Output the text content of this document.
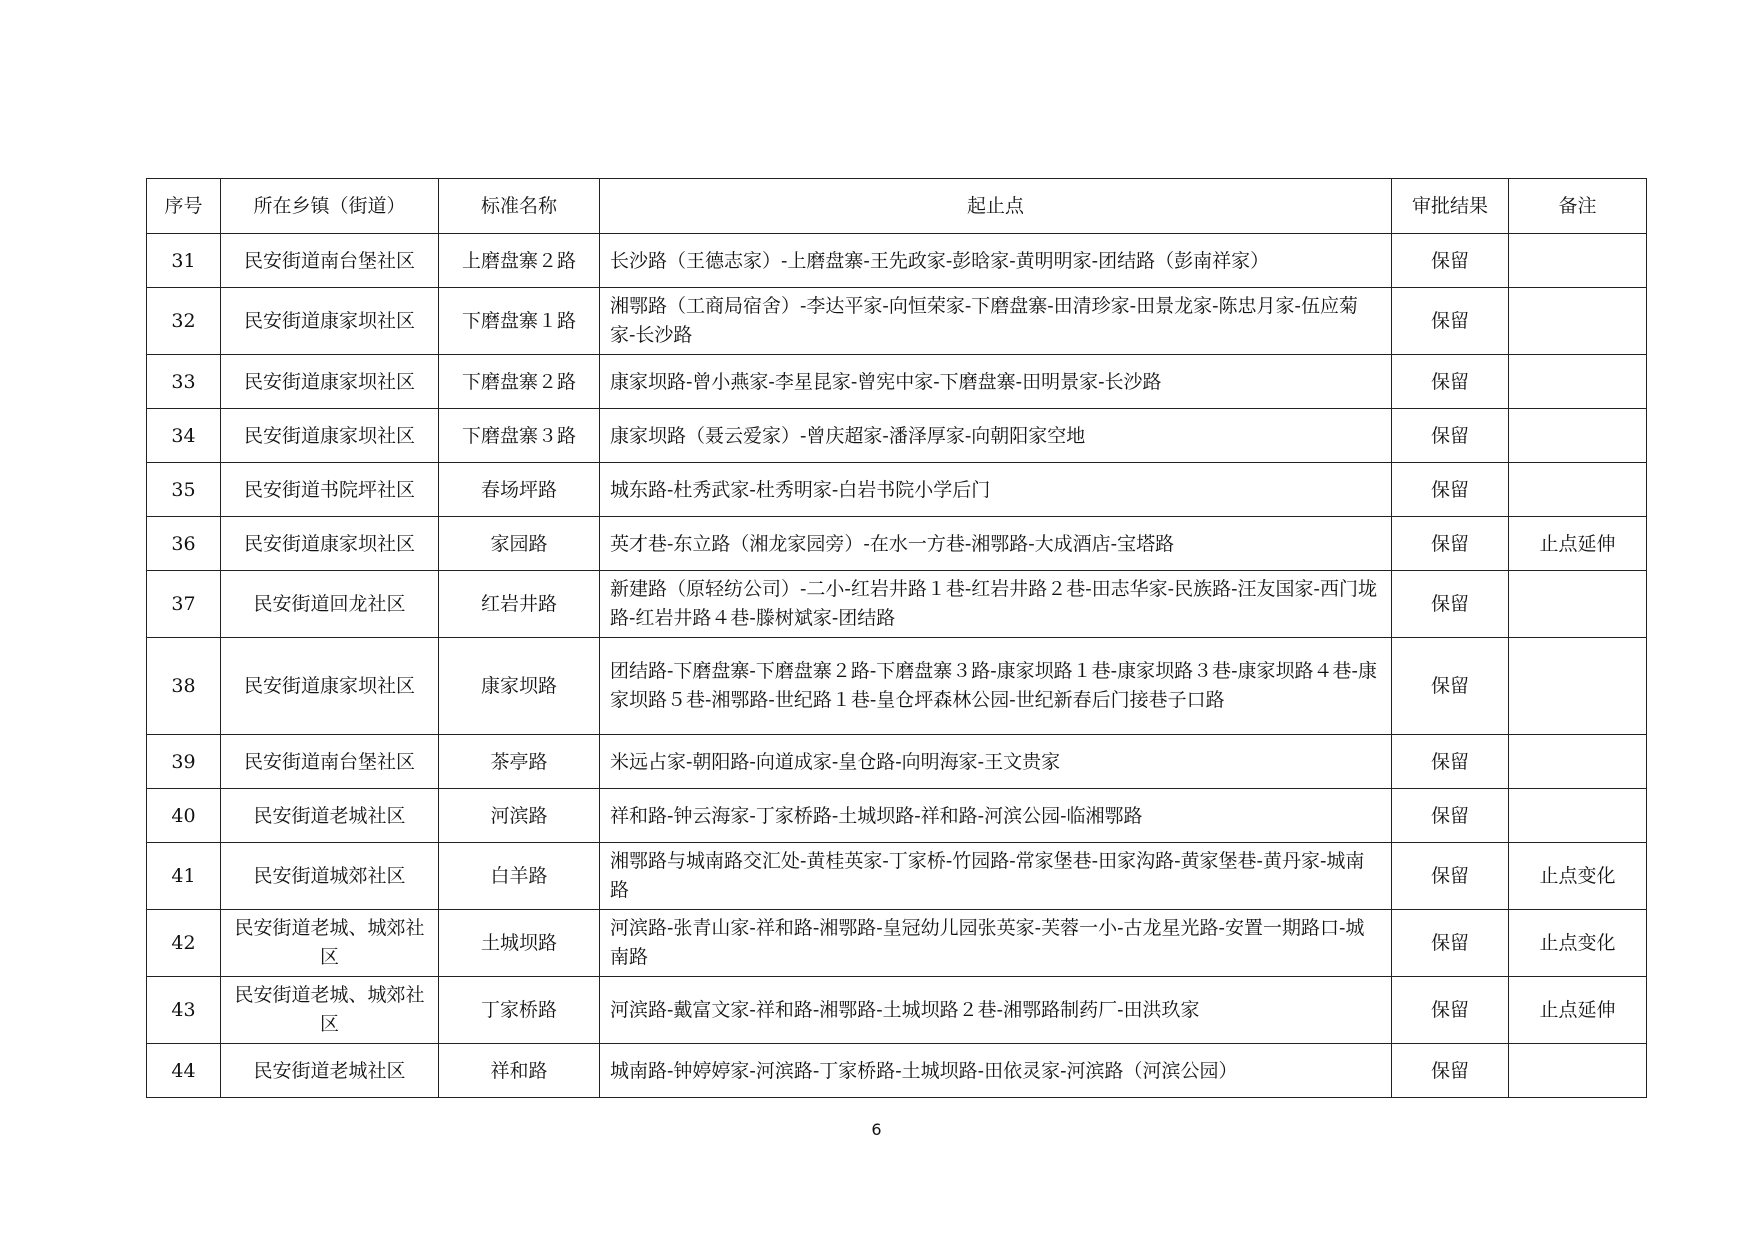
序号	所在乡镇（街道）	标准名称	起止点	审批结果	备注
31	民安街道南台堡社区	上磨盘寨２路	长沙路（王德志家）-上磨盘寨-王先政家-彭晗家-黄明明家-团结路（彭南祥家）	保留	
32	民安街道康家坝社区	下磨盘寨１路	湘鄂路（工商局宿舍）-李达平家-向恒荣家-下磨盘寨-田清珍家-田景龙家-陈忠月家-伍应菊家-长沙路	保留	
33	民安街道康家坝社区	下磨盘寨２路	康家坝路-曾小燕家-李星昆家-曾宪中家-下磨盘寨-田明景家-长沙路	保留	
34	民安街道康家坝社区	下磨盘寨３路	康家坝路（聂云爱家）-曾庆超家-潘泽厚家-向朝阳家空地	保留	
35	民安街道书院坪社区	春场坪路	城东路-杜秀武家-杜秀明家-白岩书院小学后门	保留	
36	民安街道康家坝社区	家园路	英才巷-东立路（湘龙家园旁）-在水一方巷-湘鄂路-大成酒店-宝塔路	保留	止点延伸
37	民安街道回龙社区	红岩井路	新建路（原轻纺公司）-二小-红岩井路１巷-红岩井路２巷-田志华家-民族路-汪友国家-西门垅路-红岩井路４巷-滕树斌家-团结路	保留	
38	民安街道康家坝社区	康家坝路	团结路-下磨盘寨-下磨盘寨２路-下磨盘寨３路-康家坝路１巷-康家坝路３巷-康家坝路４巷-康家坝路５巷-湘鄂路-世纪路１巷-皇仓坪森林公园-世纪新春后门接巷子口路	保留	
39	民安街道南台堡社区	茶亭路	米远占家-朝阳路-向道成家-皇仓路-向明海家-王文贵家	保留	
40	民安街道老城社区	河滨路	祥和路-钟云海家-丁家桥路-土城坝路-祥和路-河滨公园-临湘鄂路	保留	
41	民安街道城郊社区	白羊路	湘鄂路与城南路交汇处-黄桂英家-丁家桥-竹园路-常家堡巷-田家沟路-黄家堡巷-黄丹家-城南路	保留	止点变化
42	民安街道老城、城郊社区	土城坝路	河滨路-张青山家-祥和路-湘鄂路-皇冠幼儿园张英家-芙蓉一小-古龙星光路-安置一期路口-城南路	保留	止点变化
43	民安街道老城、城郊社区	丁家桥路	河滨路-戴富文家-祥和路-湘鄂路-土城坝路２巷-湘鄂路制药厂-田洪玖家	保留	止点延伸
44	民安街道老城社区	祥和路	城南路-钟婷婷家-河滨路-丁家桥路-土城坝路-田依灵家-河滨路（河滨公园）	保留	
6
